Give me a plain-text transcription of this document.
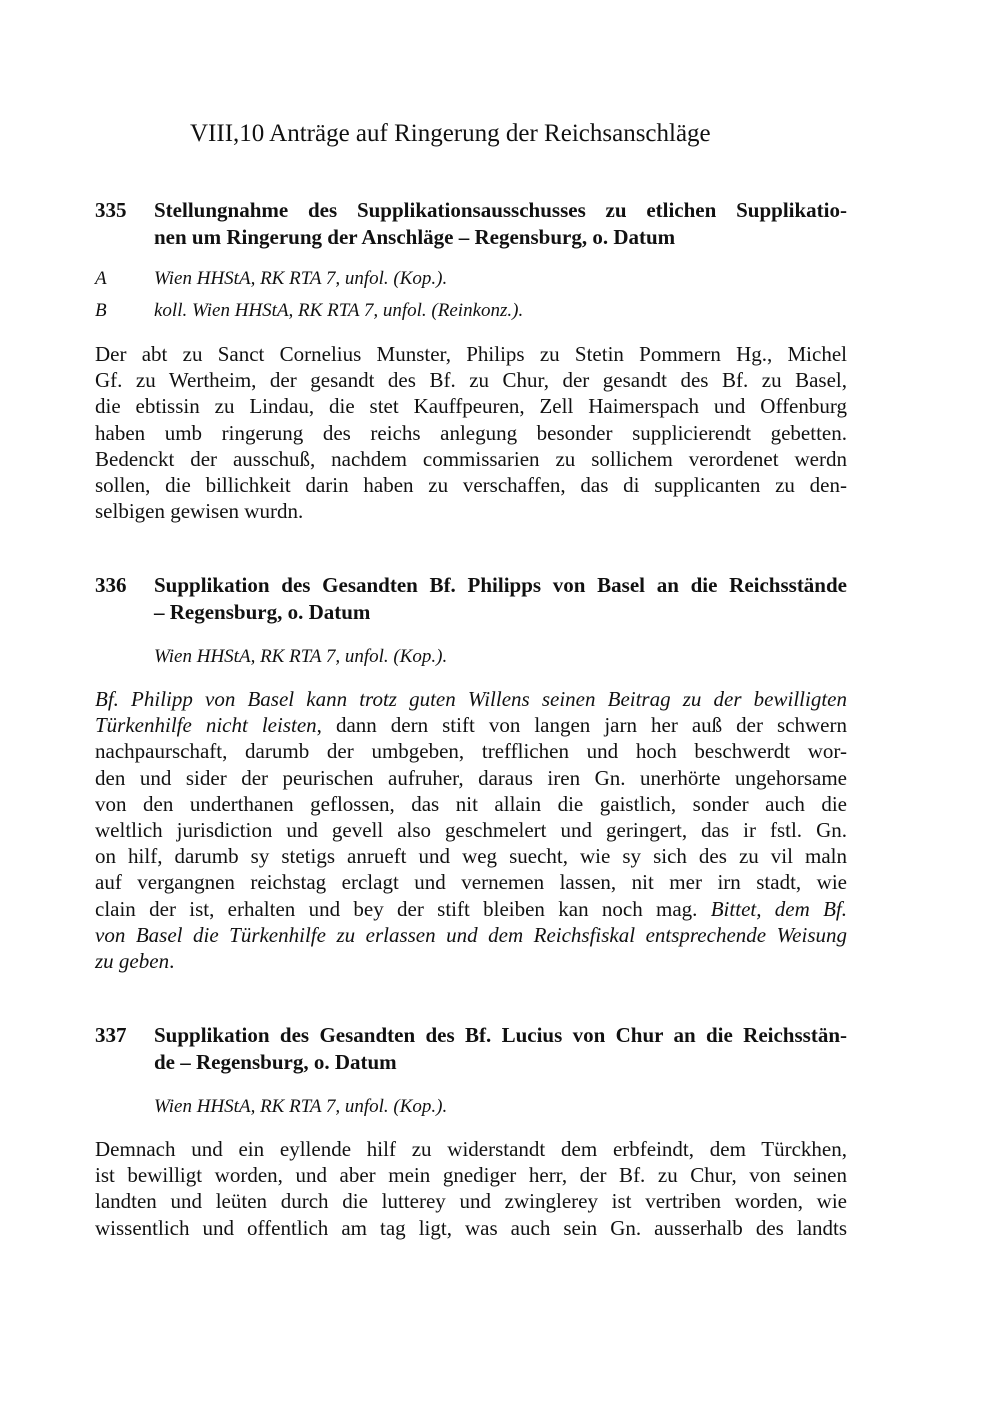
VIII,10 Anträge auf Ringerung der Reichsanschläge
335 Stellungnahme des Supplikationsausschusses zu etlichen Supplikatio-
nen um Ringerung der Anschläge – Regensburg, o. Datum
A Wien HHStA, RK RTA 7, unfol. (Kop.).
B koll. Wien HHStA, RK RTA 7, unfol. (Reinkonz.).
Der abt zu Sanct Cornelius Munster, Philips zu Stetin Pommern Hg., Michel
Gf. zu Wertheim, der gesandt des Bf. zu Chur, der gesandt des Bf. zu Basel,
die ebtissin zu Lindau, die stet Kauffpeuren, Zell Haimerspach und Offenburg
haben umb ringerung des reichs anlegung besonder supplicierendt gebetten.
Bedenckt der ausschuß, nachdem commissarien zu sollichem verordenet werdn
sollen, die billichkeit darin haben zu verschaffen, das di supplicanten zu den-
selbigen gewisen wurdn.
336 Supplikation des Gesandten Bf. Philipps von Basel an die Reichsstände
– Regensburg, o. Datum
Wien HHStA, RK RTA 7, unfol. (Kop.).
Bf. Philipp von Basel kann trotz guten Willens seinen Beitrag zu der bewilligten
Türkenhilfe nicht leisten, dann dern stift von langen jarn her auß der schwern
nachpaurschaft, darumb der umbgeben, trefflichen und hoch beschwerdt wor-
den und sider der peurischen aufruher, daraus iren Gn. unerhörte ungehorsame
von den underthanen geflossen, das nit allain die gaistlich, sonder auch die
weltlich jurisdiction und gevell also geschmelert und geringert, das ir fstl. Gn.
on hilf, darumb sy stetigs anrueft und weg suecht, wie sy sich des zu vil maln
auf vergangnen reichstag erclagt und vernemen lassen, nit mer irn stadt, wie
clain der ist, erhalten und bey der stift bleiben kan noch mag. Bittet, dem Bf.
von Basel die Türkenhilfe zu erlassen und dem Reichsfiskal entsprechende Weisung
zu geben.
337 Supplikation des Gesandten des Bf. Lucius von Chur an die Reichsstän-
de – Regensburg, o. Datum
Wien HHStA, RK RTA 7, unfol. (Kop.).
Demnach und ein eyllende hilf zu widerstandt dem erbfeindt, dem Türckhen,
ist bewilligt worden, und aber mein gnediger herr, der Bf. zu Chur, von seinen
landten und leüten durch die lutterey und zwinglerey ist vertriben worden, wie
wissentlich und offentlich am tag ligt, was auch sein Gn. ausserhalb des landts
